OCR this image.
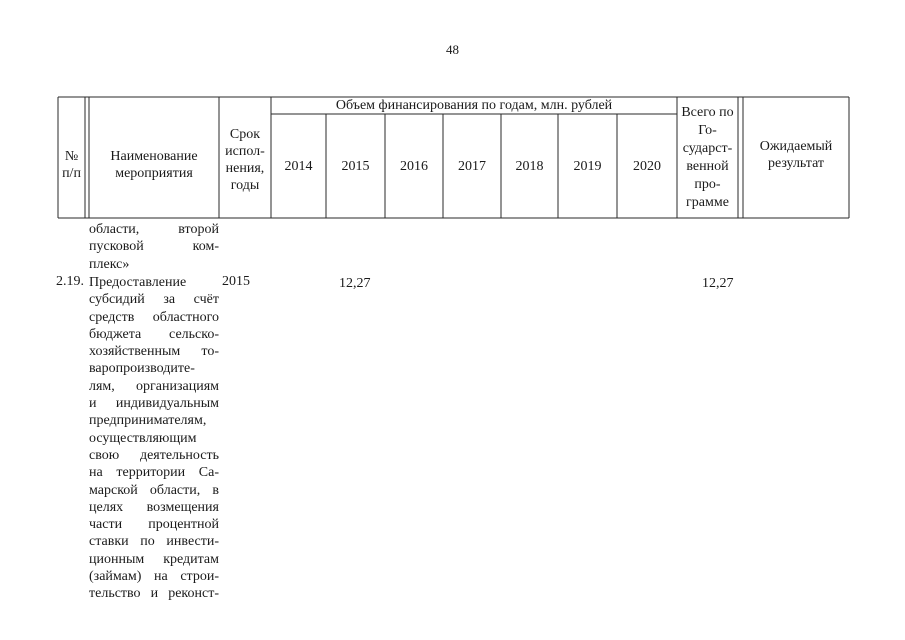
48
№ п/п
Наименование мероприятия
Срок испол-нения, годы
Объем финансирования по годам, млн. рублей
2014 2015 2016 2017 2018 2019 2020
Всего по Го-сударст-венной про-грамме
Ожидаемый результат
области, второй
пусковой ком-
плекс»
2.19. Предоставление
субсидий за счёт
средств областного
бюджета сельско-
хозяйственным то-
варопроизводите-
лям, организациям
и индивидуальным
предпринимателям,
осуществляющим
свою деятельность
на территории Са-
марской области, в
целях возмещения
части процентной
ставки по инвести-
ционным кредитам
(займам) на строи-
тельство и реконст-
2015	12,27	12,27
